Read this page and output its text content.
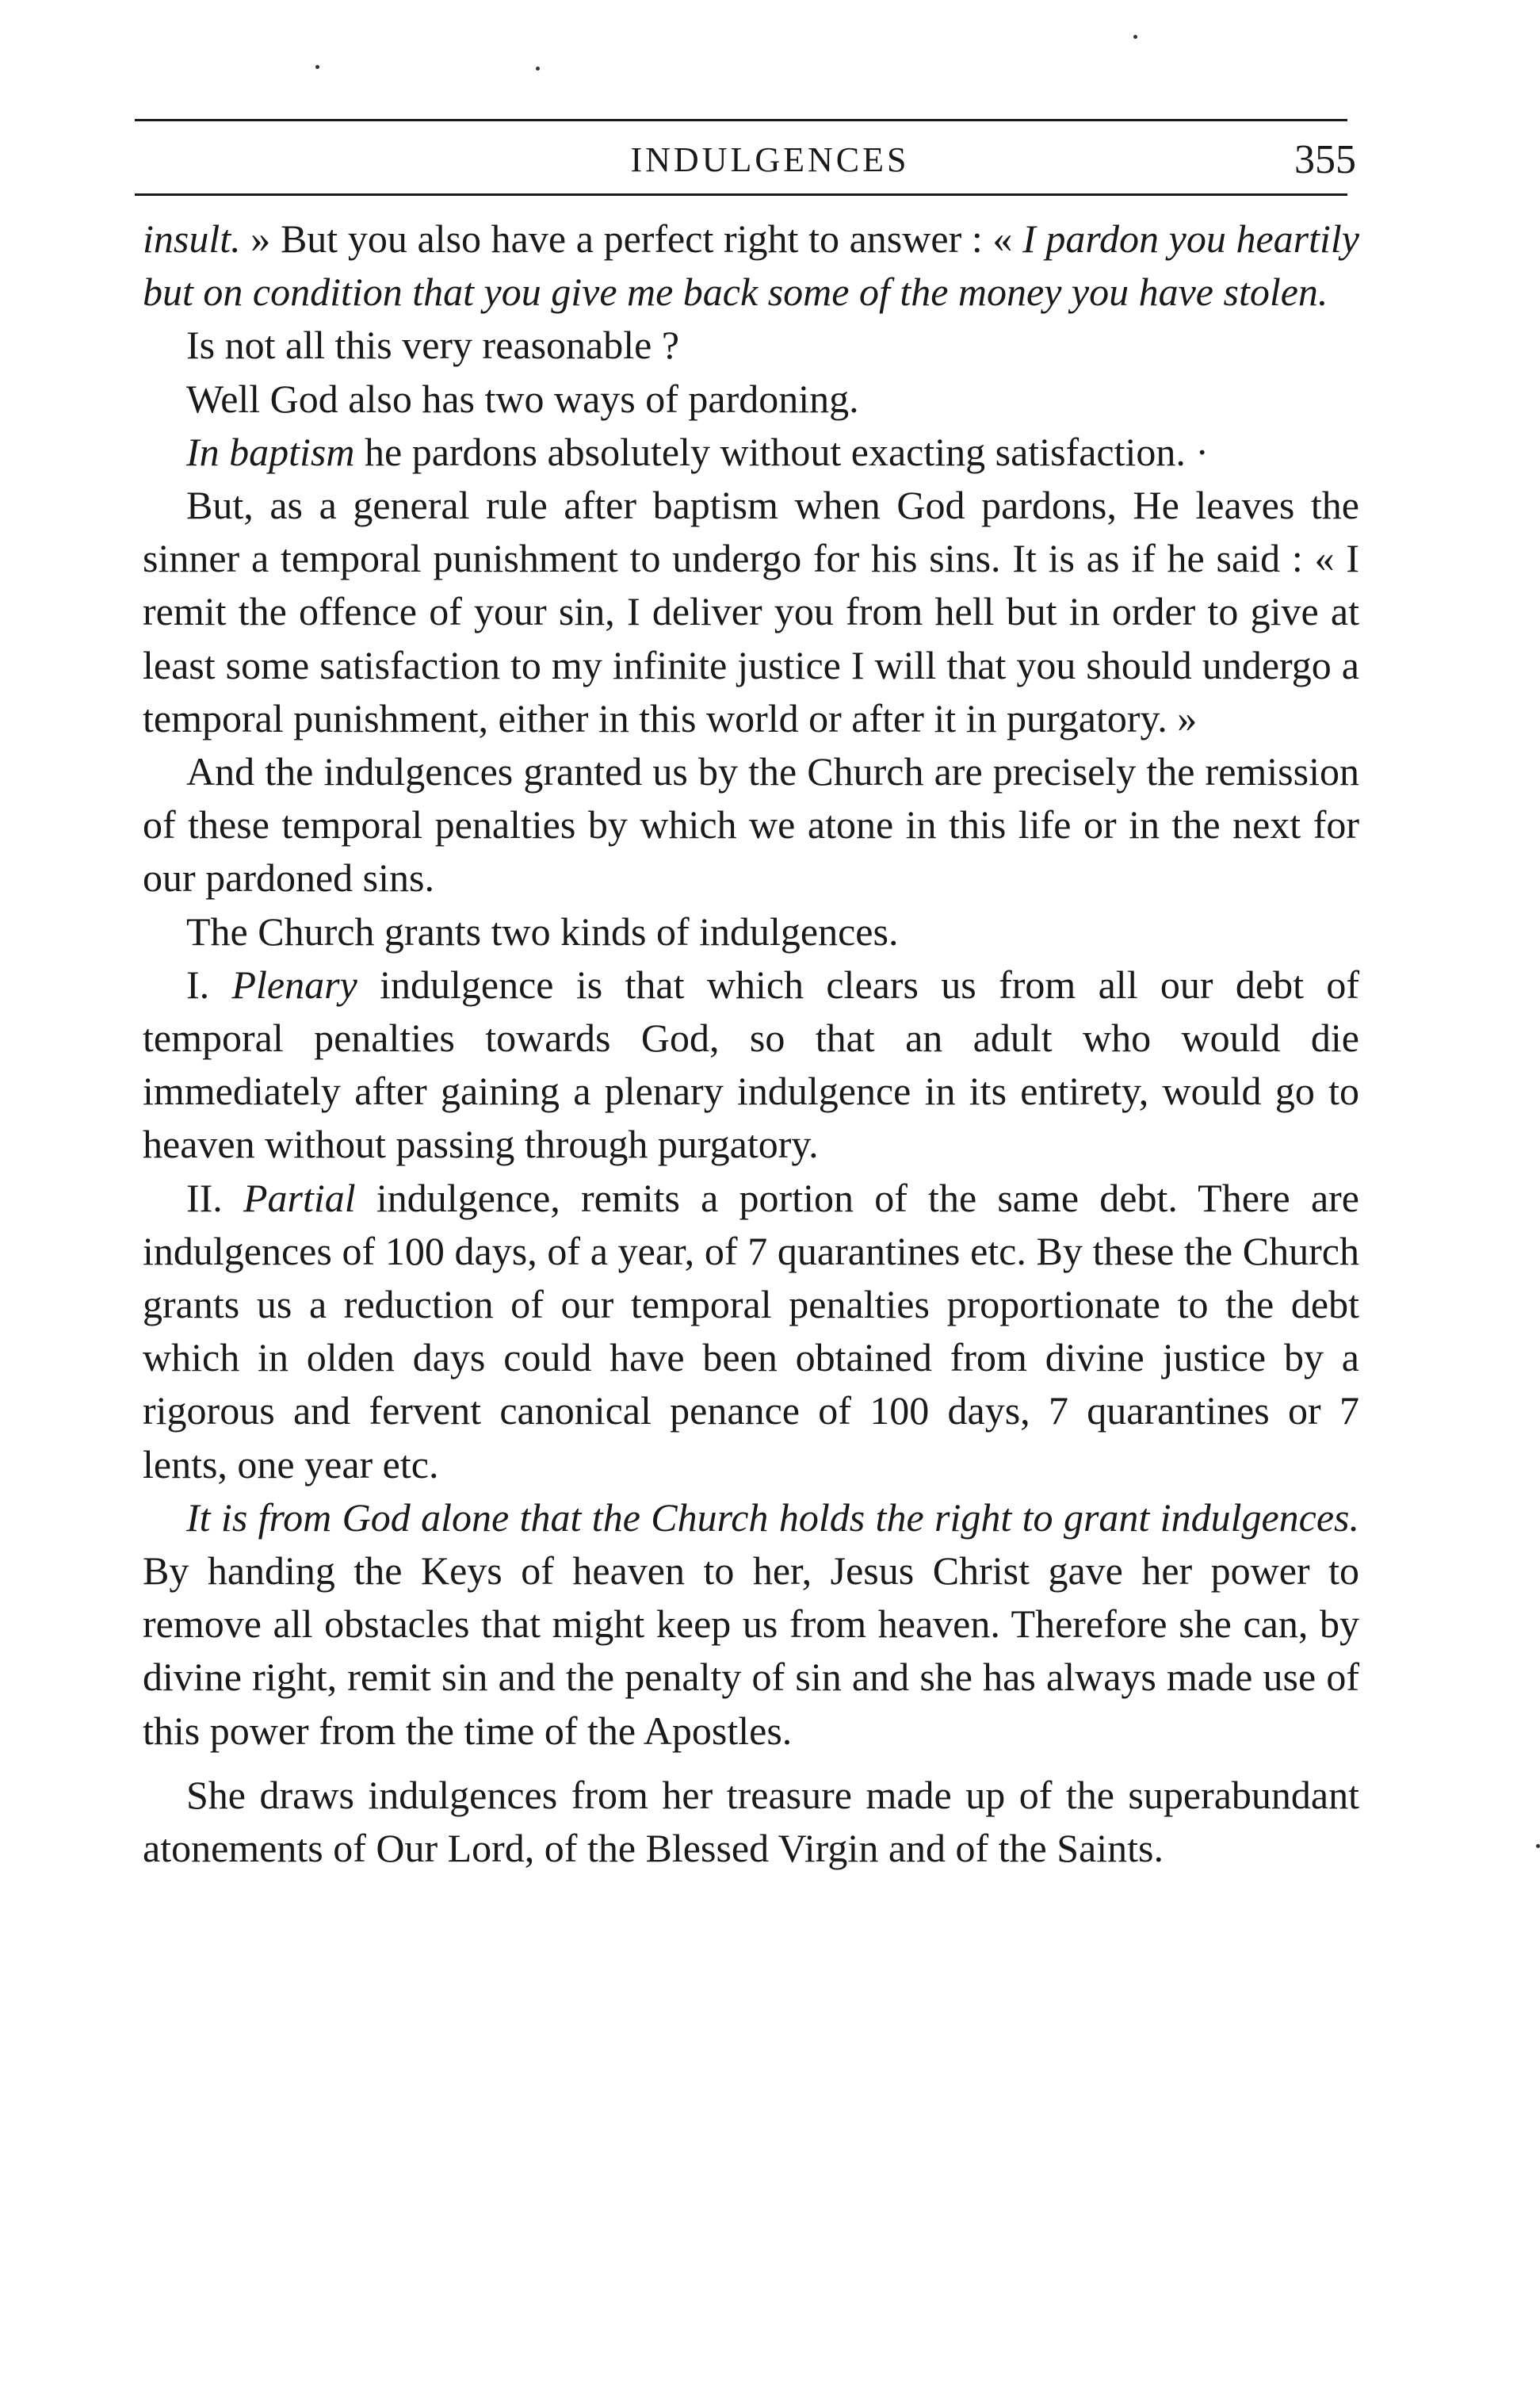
INDULGENCES	355

insult. » But you also have a perfect right to answer : « I pardon you heartily but on condition that you give me back some of the money you have stolen.

Is not all this very reasonable ?

Well God also has two ways of pardoning.

In baptism he pardons absolutely without exacting satisfaction. ·

But, as a general rule after baptism when God pardons, He leaves the sinner a temporal punishment to undergo for his sins. It is as if he said : « I remit the offence of your sin, I deliver you from hell but in order to give at least some satisfaction to my infinite justice I will that you should undergo a temporal punishment, either in this world or after it in purgatory. »

And the indulgences granted us by the Church are precisely the remission of these temporal penalties by which we atone in this life or in the next for our pardoned sins.

The Church grants two kinds of indulgences.

I. Plenary indulgence is that which clears us from all our debt of temporal penalties towards God, so that an adult who would die immediately after gaining a plenary indulgence in its entirety, would go to heaven without passing through purgatory.

II. Partial indulgence, remits a portion of the same debt. There are indulgences of 100 days, of a year, of 7 quarantines etc. By these the Church grants us a reduction of our temporal penalties proportionate to the debt which in olden days could have been obtained from divine justice by a rigorous and fervent canonical penance of 100 days, 7 quarantines or 7 lents, one year etc.

It is from God alone that the Church holds the right to grant indulgences. By handing the Keys of heaven to her, Jesus Christ gave her power to remove all obstacles that might keep us from heaven. Therefore she can, by divine right, remit sin and the penalty of sin and she has always made use of this power from the time of the Apostles.

She draws indulgences from her treasure made up of the superabundant atonements of Our Lord, of the Blessed Virgin and of the Saints.
